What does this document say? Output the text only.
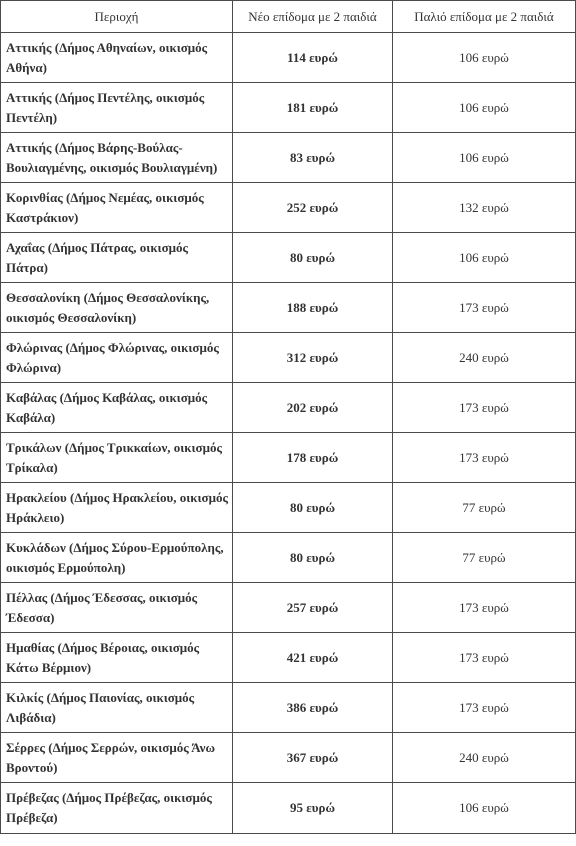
Περιοχή	Νέο επίδομα με 2 παιδιά	Παλιό επίδομα με 2 παιδιά
Αττικής (Δήμος Αθηναίων, οικισμός Αθήνα)	114 ευρώ	106 ευρώ
Αττικής (Δήμος Πεντέλης, οικισμός Πεντέλη)	181 ευρώ	106 ευρώ
Αττικής (Δήμος Βάρης-Βούλας-Βουλιαγμένης, οικισμός Βουλιαγμένη)	83 ευρώ	106 ευρώ
Κορινθίας (Δήμος Νεμέας, οικισμός Καστράκιον)	252 ευρώ	132 ευρώ
Αχαΐας (Δήμος Πάτρας, οικισμός Πάτρα)	80 ευρώ	106 ευρώ
Θεσσαλονίκη (Δήμος Θεσσαλονίκης, οικισμός Θεσσαλονίκη)	188 ευρώ	173 ευρώ
Φλώρινας (Δήμος Φλώρινας, οικισμός Φλώρινα)	312 ευρώ	240 ευρώ
Καβάλας (Δήμος Καβάλας, οικισμός Καβάλα)	202 ευρώ	173 ευρώ
Τρικάλων (Δήμος Τρικκαίων, οικισμός Τρίκαλα)	178 ευρώ	173 ευρώ
Ηρακλείου (Δήμος Ηρακλείου, οικισμός Ηράκλειο)	80 ευρώ	77 ευρώ
Κυκλάδων (Δήμος Σύρου-Ερμούπολης, οικισμός Ερμούπολη)	80 ευρώ	77 ευρώ
Πέλλας (Δήμος Έδεσσας, οικισμός Έδεσσα)	257 ευρώ	173 ευρώ
Ημαθίας (Δήμος Βέροιας, οικισμός Κάτω Βέρμιον)	421 ευρώ	173 ευρώ
Κιλκίς (Δήμος Παιονίας, οικισμός Λιβάδια)	386 ευρώ	173 ευρώ
Σέρρες (Δήμος Σερρών, οικισμός Άνω Βροντού)	367 ευρώ	240 ευρώ
Πρέβεζας (Δήμος Πρέβεζας, οικισμός Πρέβεζα)	95 ευρώ	106 ευρώ
